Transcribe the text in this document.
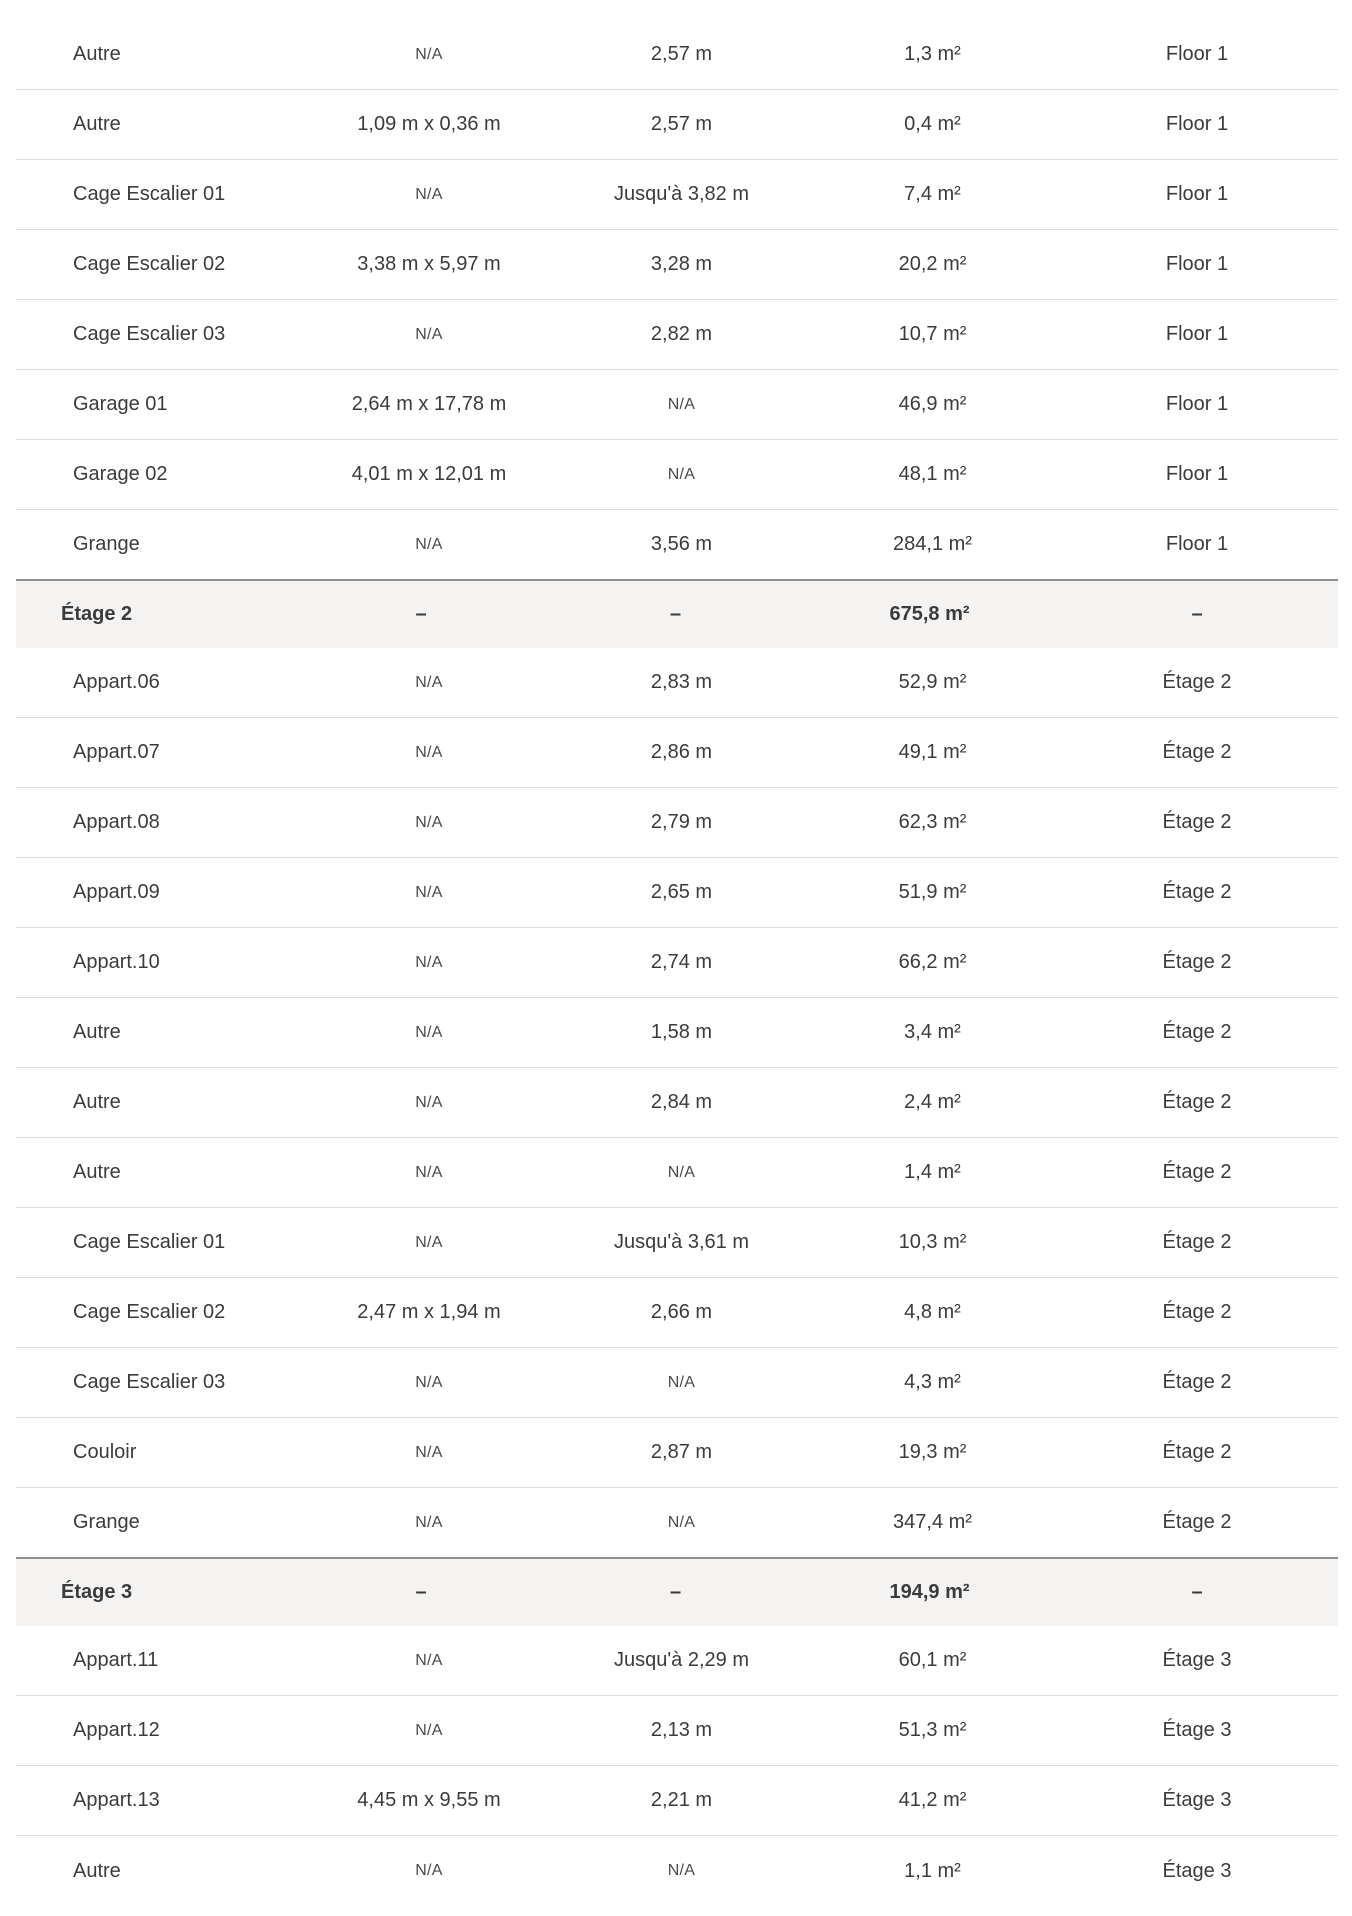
Autre	N/A	2,57 m	1,3 m²	Floor 1
Autre	1,09 m x 0,36 m	2,57 m	0,4 m²	Floor 1
Cage Escalier 01	N/A	Jusqu'à 3,82 m	7,4 m²	Floor 1
Cage Escalier 02	3,38 m x 5,97 m	3,28 m	20,2 m²	Floor 1
Cage Escalier 03	N/A	2,82 m	10,7 m²	Floor 1
Garage 01	2,64 m x 17,78 m	N/A	46,9 m²	Floor 1
Garage 02	4,01 m x 12,01 m	N/A	48,1 m²	Floor 1
Grange	N/A	3,56 m	284,1 m²	Floor 1
Étage 2	–	–	675,8 m²	–
Appart.06	N/A	2,83 m	52,9 m²	Étage 2
Appart.07	N/A	2,86 m	49,1 m²	Étage 2
Appart.08	N/A	2,79 m	62,3 m²	Étage 2
Appart.09	N/A	2,65 m	51,9 m²	Étage 2
Appart.10	N/A	2,74 m	66,2 m²	Étage 2
Autre	N/A	1,58 m	3,4 m²	Étage 2
Autre	N/A	2,84 m	2,4 m²	Étage 2
Autre	N/A	N/A	1,4 m²	Étage 2
Cage Escalier 01	N/A	Jusqu'à 3,61 m	10,3 m²	Étage 2
Cage Escalier 02	2,47 m x 1,94 m	2,66 m	4,8 m²	Étage 2
Cage Escalier 03	N/A	N/A	4,3 m²	Étage 2
Couloir	N/A	2,87 m	19,3 m²	Étage 2
Grange	N/A	N/A	347,4 m²	Étage 2
Étage 3	–	–	194,9 m²	–
Appart.11	N/A	Jusqu'à 2,29 m	60,1 m²	Étage 3
Appart.12	N/A	2,13 m	51,3 m²	Étage 3
Appart.13	4,45 m x 9,55 m	2,21 m	41,2 m²	Étage 3
Autre	N/A	N/A	1,1 m²	Étage 3
